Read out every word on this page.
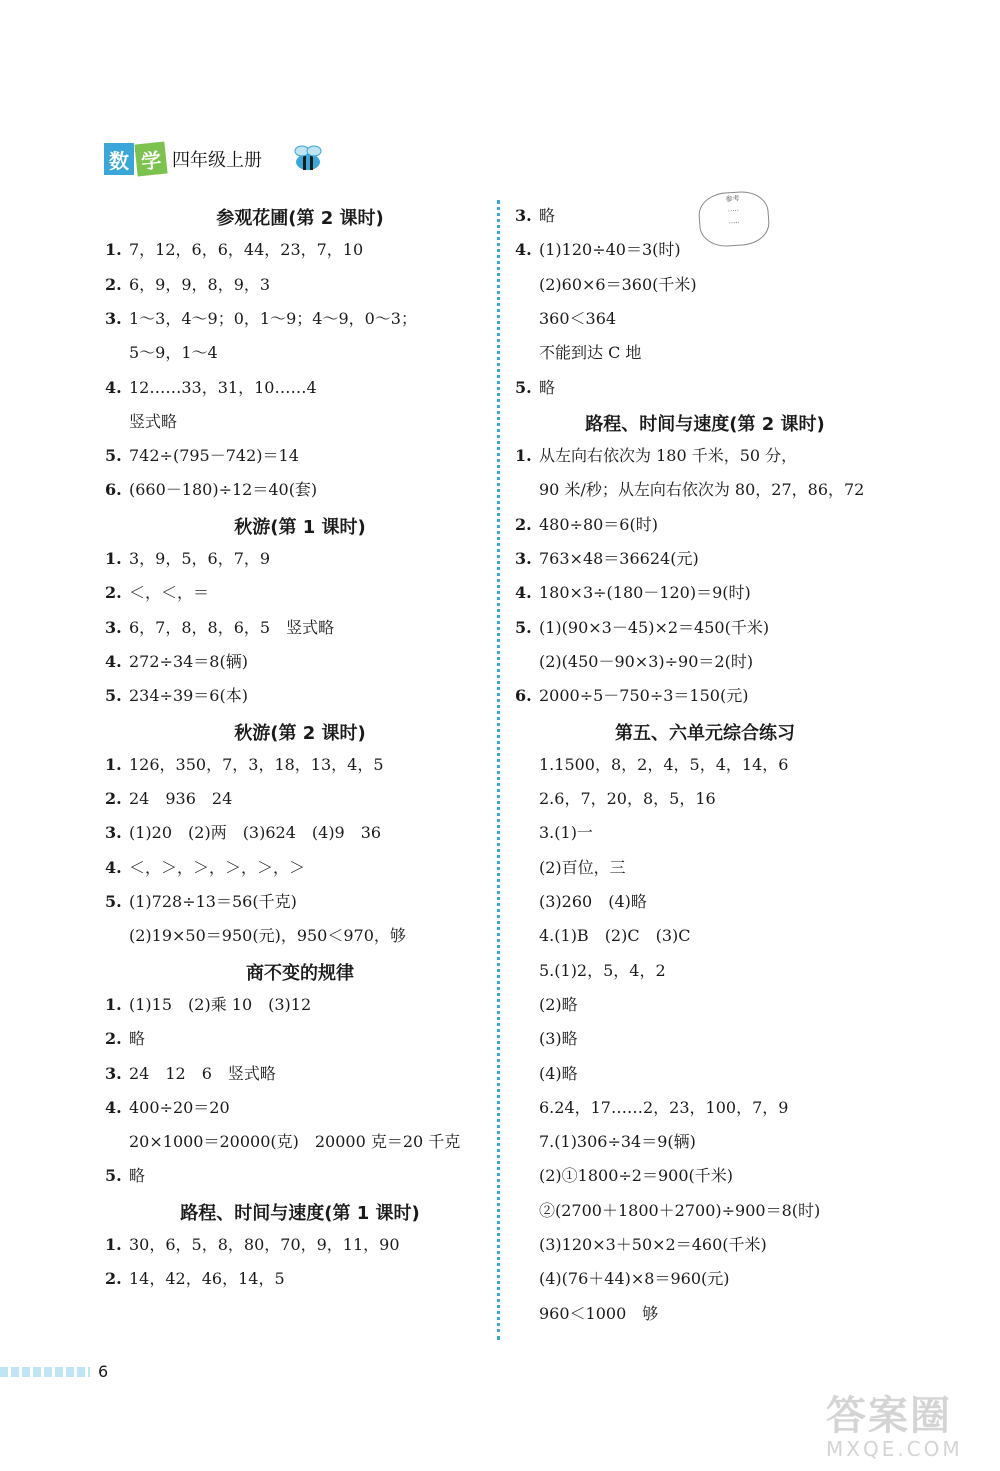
数 学 四年级上册
参观花圃(第 2 课时)
1. 7，12，6，6，44，23，7，10
2. 6，9，9，8，9，3
3. 1～3，4～9；0，1～9；4～9，0～3；
5～9，1～4
4. 12……33，31，10……4
竖式略
5. 742÷(795－742)＝14
6. (660－180)÷12＝40(套)
秋游(第 1 课时)
1. 3，9，5，6，7，9
2. ＜，＜，＝
3. 6，7，8，8，6，5　竖式略
4. 272÷34＝8(辆)
5. 234÷39＝6(本)
秋游(第 2 课时)
1. 126，350，7，3，18，13，4，5
2. 24　936　24
3. (1)20　(2)两　(3)624　(4)9　36
4. ＜，＞，＞，＞，＞，＞
5. (1)728÷13＝56(千克)
(2)19×50＝950(元)，950＜970，够
商不变的规律
1. (1)15　(2)乘 10　(3)12
2. 略
3. 24　12　6　竖式略
4. 400÷20＝20
20×1000＝20000(克)　20000 克＝20 千克
5. 略
路程、时间与速度(第 1 课时)
1. 30，6，5，8，80，70，9，11，90
2. 14，42，46，14，5
3. 略
4. (1)120÷40＝3(时)
(2)60×6＝360(千米)
360＜364
不能到达 C 地
5. 略
路程、时间与速度(第 2 课时)
1. 从左向右依次为 180 千米，50 分，
90 米/秒；从左向右依次为 80，27，86，72
2. 480÷80＝6(时)
3. 763×48＝36624(元)
4. 180×3÷(180－120)＝9(时)
5. (1)(90×3－45)×2＝450(千米)
(2)(450－90×3)÷90＝2(时)
6. 2000÷5－750÷3＝150(元)
第五、六单元综合练习
1.1500，8，2，4，5，4，14，6
2.6，7，20，8，5，16
3.(1)一
(2)百位，三
(3)260　(4)略
4.(1)B　(2)C　(3)C
5.(1)2，5，4，2
(2)略
(3)略
(4)略
6.24，17……2，23，100，7，9
7.(1)306÷34＝9(辆)
(2)①1800÷2＝900(千米)
②(2700＋1800＋2700)÷900＝8(时)
(3)120×3＋50×2＝460(千米)
(4)(76＋44)×8＝960(元)
960＜1000　够
参考
·····
·····
6
答案圈
MXQE.COM
